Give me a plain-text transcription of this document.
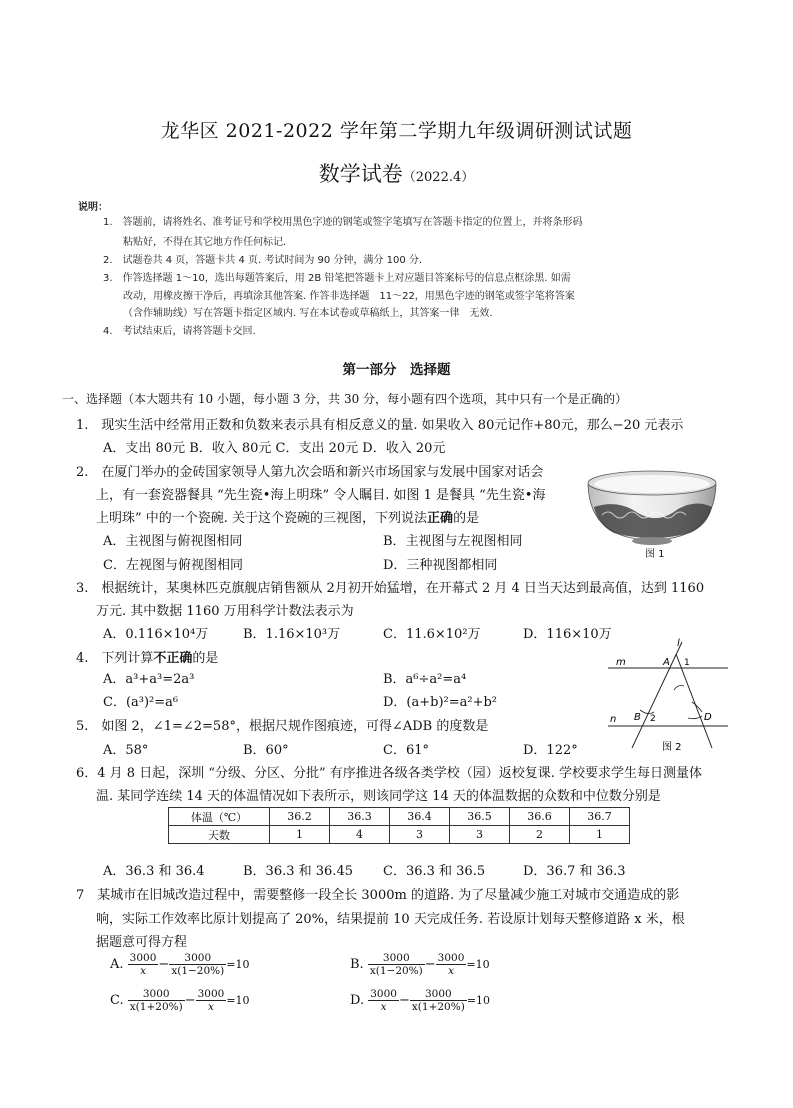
龙华区 2021-2022 学年第二学期九年级调研测试试题
数学试卷（2022.4）
说明：
1.　答题前，请将姓名、准考证号和学校用黑色字迹的钢笔或签字笔填写在答题卡指定的位置上，并将条形码
粘贴好，不得在其它地方作任何标记.
2.　试题卷共 4 页，答题卡共 4 页. 考试时间为 90 分钟，满分 100 分.
3.　作答选择题 1～10，选出每题答案后，用 2B 铅笔把答题卡上对应题目答案标号的信息点框涂黑. 如需
改动，用橡皮擦干净后，再填涂其他答案. 作答非选择题　11～22，用黑色字迹的钢笔或签字笔将答案
（含作辅助线）写在答题卡指定区域内. 写在本试卷或草稿纸上，其答案一律　无效.
4.　考试结束后，请将答题卡交回.
第一部分　选择题
一、选择题（本大题共有 10 小题，每小题 3 分，共 30 分，每小题有四个选项，其中只有一个是正确的）
1.　现实生活中经常用正数和负数来表示具有相反意义的量. 如果收入 80元记作+80元，那么−20 元表示
A．支出 80元 B．收入 80元 C．支出 20元 D．收入 20元
2.　在厦门举办的金砖国家领导人第九次会晤和新兴市场国家与发展中国家对话会
上，有一套瓷器餐具 “先生瓷•海上明珠” 令人瞩目. 如图 1 是餐具 “先生瓷•海
上明珠” 中的一个瓷碗. 关于这个瓷碗的三视图，下列说法正确的是
A．主视图与俯视图相同	B．主视图与左视图相同
C．左视图与俯视图相同	D．三种视图都相同
图 1
3.　根据统计，某奥林匹克旗舰店销售额从 2月初开始猛增，在开幕式 2 月 4 日当天达到最高值，达到 1160
万元. 其中数据 1160 万用科学计数法表示为
A．0.116×10⁴万	B．1.16×10³万	C．11.6×10²万	D．116×10万
4.　下列计算不正确的是
A．a³+a³=2a³	B．a⁶÷a²=a⁴
C．(a³)²=a⁶	D．(a+b)²=a²+b²
5.　如图 2，∠1=∠2=58°，根据尺规作图痕迹，可得∠ADB 的度数是
A．58°	B．60°	C．61°	D．122°
l
m	A 1
n B 2	D
图 2
6．4 月 8 日起，深圳 “分级、分区、分批” 有序推进各级各类学校（园）返校复课. 学校要求学生每日测量体
温. 某同学连续 14 天的体温情况如下表所示，则该同学这 14 天的体温数据的众数和中位数分别是
体温（℃）	36.2	36.3	36.4	36.5	36.6	36.7
天数	1	4	3	3	2	1
A．36.3 和 36.4	B．36.3 和 36.45 C．36.3 和 36.5	D．36.7 和 36.3
7　某城市在旧城改造过程中，需要整修一段全长 3000m 的道路. 为了尽量减少施工对城市交通造成的影
响，实际工作效率比原计划提高了 20%，结果提前 10 天完成任务. 若设原计划每天整修道路 x 米，根
据题意可得方程
A. $\frac{3000}{x} - \frac{3000}{x(1-20\%)} =10$	B. $\frac{3000}{x(1-20\%)} - \frac{3000}{x} =10$
C. $\frac{3000}{x(1+20\%)} - \frac{3000}{x} =10$	D. $\frac{3000}{x} - \frac{3000}{x(1+20\%)} =10$
